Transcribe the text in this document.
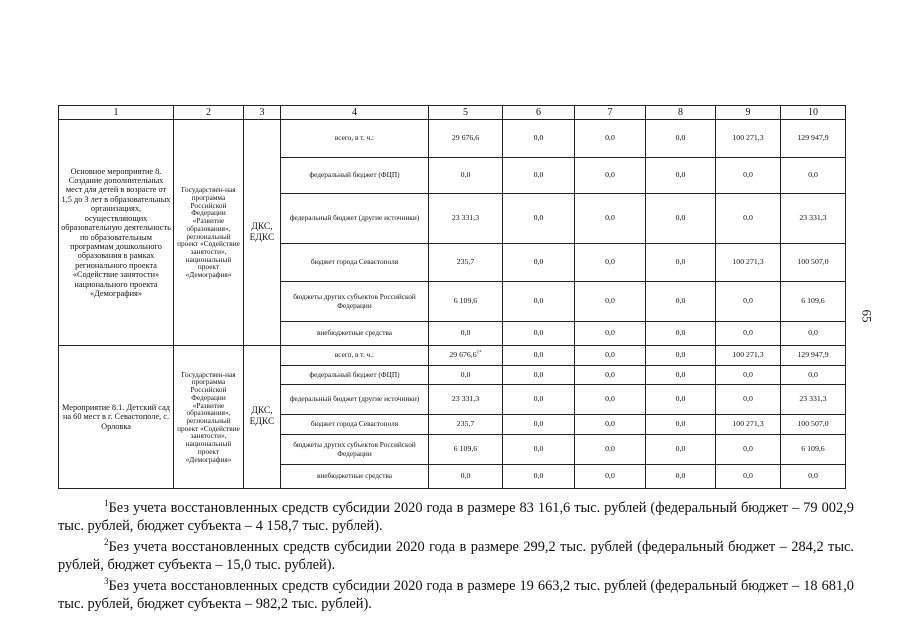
1	2	3	4	5	6	7	8	9	10
Основное мероприятие 8. Создание дополнительных мест для детей в возрасте от 1,5 до 3 лет в образовательных организациях, осуществляющих образовательную деятельность по образовательным программам дошкольного образования в рамках регионального проекта «Содействие занятости» национального проекта «Демография»	Государствен-ная программа Российской Федерации «Развитие образования», региональный проект «Содействие занятости», национальный проект «Демография»	ДКС, ЕДКС	всего, в т. ч.:	29 676,6	0,0	0,0	0,0	100 271,3	129 947,9
			федеральный бюджет (ФЦП)	0,0	0,0	0,0	0,0	0,0	0,0
			федеральный бюджет (другие источники)	23 331,3	0,0	0,0	0,0	0,0	23 331,3
			бюджет города Севастополя	235,7	0,0	0,0	0,0	100 271,3	100 507,0
			бюджеты других субъектов Российской Федерации	6 109,6	0,0	0,0	0,0	0,0	6 109,6
			внебюджетные средства	0,0	0,0	0,0	0,0	0,0	0,0
Мероприятие 8.1. Детский сад на 60 мест в г. Севастополе, с. Орловка	Государствен-ная программа Российской Федерации «Развитие образования», региональный проект «Содействие занятости», национальный проект «Демография»	ДКС, ЕДКС	всего, в т. ч.:	29 676,6$^{1*}$	0,0	0,0	0,0	100 271,3	129 947,9
			федеральный бюджет (ФЦП)	0,0	0,0	0,0	0,0	0,0	0,0
			федеральный бюджет (другие источники)	23 331,3	0,0	0,0	0,0	0,0	23 331,3
			бюджет города Севастополя	235,7	0,0	0,0	0,0	100 271,3	100 507,0
			бюджеты других субъектов Российской Федерации	6 109,6	0,0	0,0	0,0	0,0	6 109,6
			внебюджетные средства	0,0	0,0	0,0	0,0	0,0	0,0
65

$^1$Без учета восстановленных средств субсидии 2020 года в размере 83 161,6 тыс. рублей (федеральный бюджет – 79 002,9 тыс. рублей, бюджет субъекта – 4 158,7 тыс. рублей).

$^2$Без учета восстановленных средств субсидии 2020 года в размере 299,2 тыс. рублей (федеральный бюджет – 284,2 тыс. рублей, бюджет субъекта – 15,0 тыс. рублей).

$^3$Без учета восстановленных средств субсидии 2020 года в размере 19 663,2 тыс. рублей (федеральный бюджет – 18 681,0 тыс. рублей, бюджет субъекта – 982,2 тыс. рублей).
